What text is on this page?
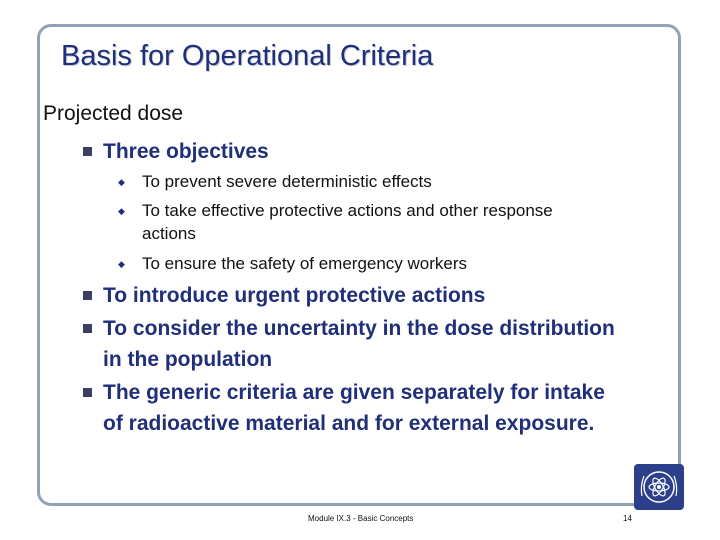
Basis for Operational Criteria
Projected dose
Three objectives
◆ To prevent severe deterministic effects
◆ To take effective protective actions and other response
actions
◆ To ensure the safety of emergency workers
To introduce urgent protective actions
To consider the uncertainty in the dose distribution
in the population
The generic criteria are given separately for intake
of radioactive material and for external exposure.
Module IX.3 - Basic Concepts	14
